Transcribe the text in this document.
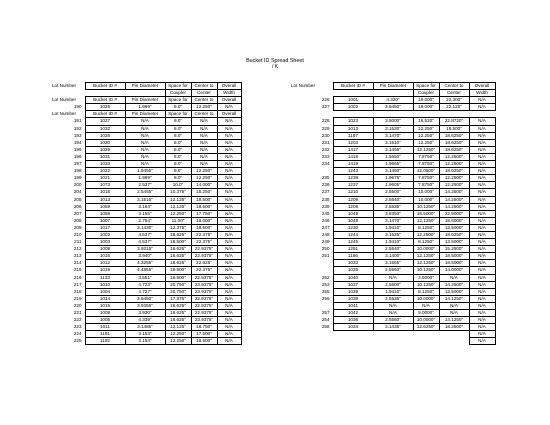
Bucket ID Spread Sheet
/ K
Lot Number	Bucket ID #	Pin Diameter	Space for	Center to	Overall
			Coupler	Center	Width
Lot Number	Bucket ID #	Pin Diameter	Space for	Center to	Overall
190	1025	1.969"	8.0"	12.250"	N/A
Lot Number	Bucket ID #	Pin Diameter	Space for	Center to	Overall
191	1027	N/A	8.0"	N/A	N/A
192	1032	N/A	8.0"	N/A	N/A
193	1028	N/A	8.0"	N/A	N/A
194	1030	N/A	8.0"	N/A	N/A
195	1029	N/A	8.0"	N/A	N/A
196	1031	N/A	8.0"	N/A	N/A
197	1033	N/A	8.0"	N/A	N/A
198	1022	1.9455"	8.0"	12.250"	N/A
199	1021	1.969"	8.0"	12.250"	N/A
200	1073	2.537"	10.0"	14.000"	N/A
204	1018	2.5455"	10.375"	15.250"	N/A
205	1013	3.1515"	12.125"	18.500"	N/A
206	1059	3.164"	12.125"	18.500"	N/A
207	1058	3.155"	12.250"	17.750"	N/A
208	1007	2.754"	11.00"	16.000"	N/A
209	1017	3.1430"	12.375"	18.500"	N/A
210	1002	4.537"	18.625"	22.375"	N/A
211	1003	4.537"	18.500"	22.375"	N/A
212	1008	3.9315"	16.625"	22.9375"	N/A
213	1016	3.940"	16.625"	22.9375"	N/A
214	1012	4.3255"	18.625"	22.625"	N/A
215	1019	4.4855"	18.500"	22.375"	N/A
216	1133	3.551"	16.500"	22.9375"	N/A
217	1010	4.723"	20.750"	23.9375"	N/A
218	1004	4.727"	20.750"	23.9375"	N/A
219	1014	3.9450"	17.375"	22.9375"	N/A
220	1015	3.9355"	16.625"	22.9375"	N/A
221	1009	3.930"	16.625"	22.9375"	N/A
222	1005	4.339"	18.625"	23.9375"	N/A
223	1011	3.1485"	12.125"	18.750"	N/A
224	1191	3.153"	12.250"	17.500"	N/A
225	1192	3.154"	12.250"	18.500"	N/A
Lot Number	Bucket ID #	Pin Diameter	Space for	Center to	Overall
			Coupler	Center	Width
226	1001	4.320"	19.000"	22.300"	N/A
227	1002	3.9450"	19.000"	22.125"	N/A

228	1023	3.5000"	16.520"	22.8720"	N/A
229	1013	3.1530"	12.250"	18.500"	N/A
230	1197	3.1470"	12.250"	18.6250"	N/A
231	1203	3.1510"	12.250"	18.6250"	N/A
232	1417	3.1465"	12.1250"	18.6250"	N/A
233	1418	1.5650"	7.8750"	12.2500"	N/A
234	1419	1.9665"	7.8750"	12.2500"	N/A
	1243	3.1460"	12.0500"	18.6250"	N/A
235	1238	1.9675"	7.8750"	12.2500"	N/A
236	1237	1.9605"	7.8750"	12.2500"	N/A
237	1210	2.5500"	10.000"	14.2500"	N/A
238	1209	2.5540"	10.000"	14.2500"	N/A
239	1208	2.5535"	10.1250"	14.2500"	N/A
245	1049	3.8350"	16.5000"	22.9000"	N/A
246	1048	3.1470"	12.1250"	18.6000"	N/A
247	1230	1.9410"	8.1250"	13.5000"	N/A
248	1244	3.1525"	12.2500"	18.6250"	N/A
249	1245	1.9410"	8.1250"	13.5000"	N/A
250	1251	2.5540"	10.0000"	15.2500"	N/A
251	1186	3.1400"	12.1250"	18.5000"	N/A
	1033	3.1565"	12.1250"	18.5000"	N/A
	1035	2.5560"	10.1250"	14.0000"	N/A
252	1040	N/A	3.5000"	N/A	N/A
253	1037	2.5600"	10.1250"	14.2500"	N/A
255	1039	1.9410"	8.1250"	13.5000"	N/A
256	1038	2.5535"	10.0000"	14.1250"	N/A
	1041	N/A	N/A	N/A	N/A
257	1042	N/A	9.0000"	N/A	N/A
254	1036	2.5560"	10.0000"	14.1250"	N/A
258	1034	3.1435"	12.6250"	18.2500"	N/A
					N/A
					N/A
